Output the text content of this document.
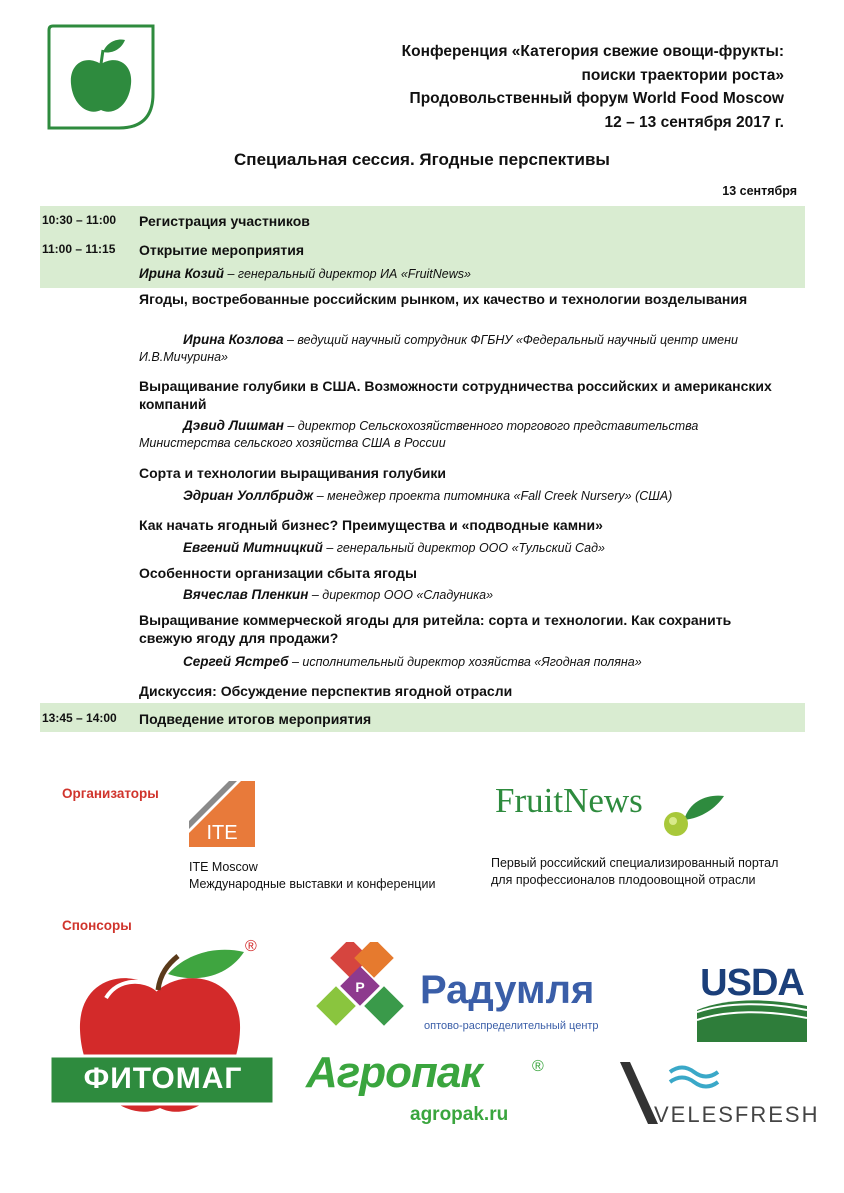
Конференция «Категория свежие овощи-фрукты:
поиски траектории роста»
Продовольственный форум World Food Moscow
12 – 13 сентября 2017 г.
Специальная сессия. Ягодные перспективы
13 сентября
10:30 – 11:00 Регистрация участников
11:00 – 11:15 Открытие мероприятия
Ирина Козий – генеральный директор ИА «FruitNews»
Ягоды, востребованные российским рынком, их качество и технологии возделывания
Ирина Козлова – ведущий научный сотрудник ФГБНУ «Федеральный научный центр имени И.В.Мичурина»
Выращивание голубики в США. Возможности сотрудничества российских и американских компаний
Дэвид Лишман – директор Сельскохозяйственного торгового представительства Министерства сельского хозяйства США в России
Сорта и технологии выращивания голубики
Эдриан Уоллбридж – менеджер проекта питомника «Fall Creek Nursery» (США)
Как начать ягодный бизнес? Преимущества и «подводные камни»
Евгений Митницкий – генеральный директор ООО «Тульский Сад»
Особенности организации сбыта ягоды
Вячеслав Пленкин – директор ООО «Сладуника»
Выращивание коммерческой ягоды для ритейла: сорта и технологии. Как сохранить свежую ягоду для продажи?
Сергей Ястреб – исполнительный директор хозяйства «Ягодная поляна»
Дискуссия: Обсуждение перспектив ягодной отрасли
13:45 – 14:00 Подведение итогов мероприятия
Организаторы
ITE
ITE Moscow
Международные выставки и конференции
FruitNews
Первый российский специализированный портал для профессионалов плодоовощной отрасли
Спонсоры
ФИТОМАГ
®
P Радумля
оптово-распределительный центр
USDA
Агропак	®
agropak.ru	VELESFRESH
